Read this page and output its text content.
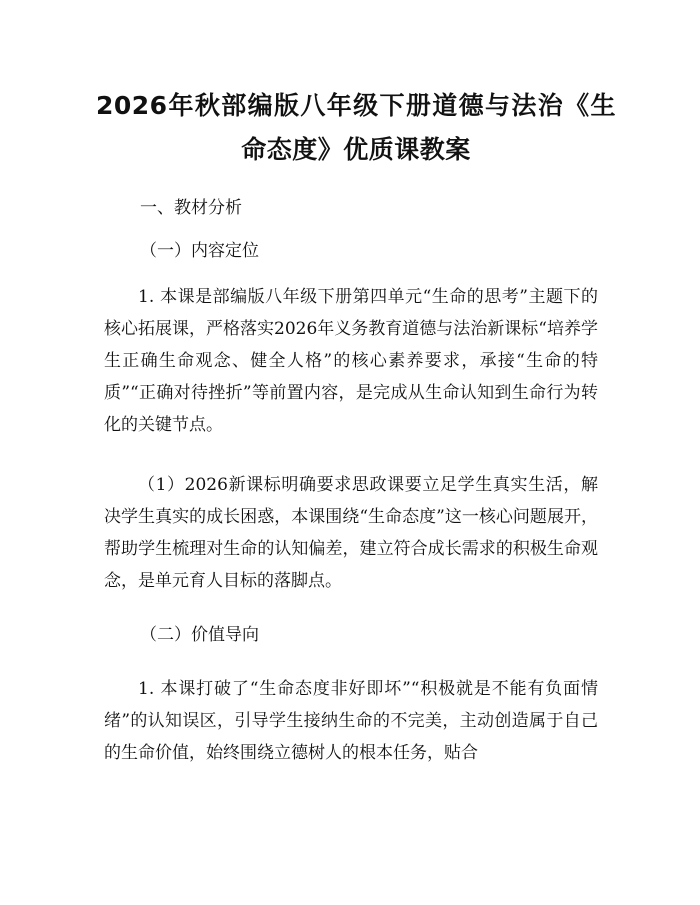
2026年秋部编版八年级下册道德与法治《生命态度》优质课教案
一、教材分析
（一）内容定位
1. 本课是部编版八年级下册第四单元“生命的思考”主题下的核心拓展课，严格落实2026年义务教育道德与法治新课标“培养学生正确生命观念、健全人格”的核心素养要求，承接“生命的特质”“正确对待挫折”等前置内容，是完成从生命认知到生命行为转化的关键节点。
（1）2026新课标明确要求思政课要立足学生真实生活，解决学生真实的成长困惑，本课围绕“生命态度”这一核心问题展开，帮助学生梳理对生命的认知偏差，建立符合成长需求的积极生命观念，是单元育人目标的落脚点。
（二）价值导向
1. 本课打破了“生命态度非好即坏”“积极就是不能有负面情绪”的认知误区，引导学生接纳生命的不完美，主动创造属于自己的生命价值，始终围绕立德树人的根本任务，贴合
